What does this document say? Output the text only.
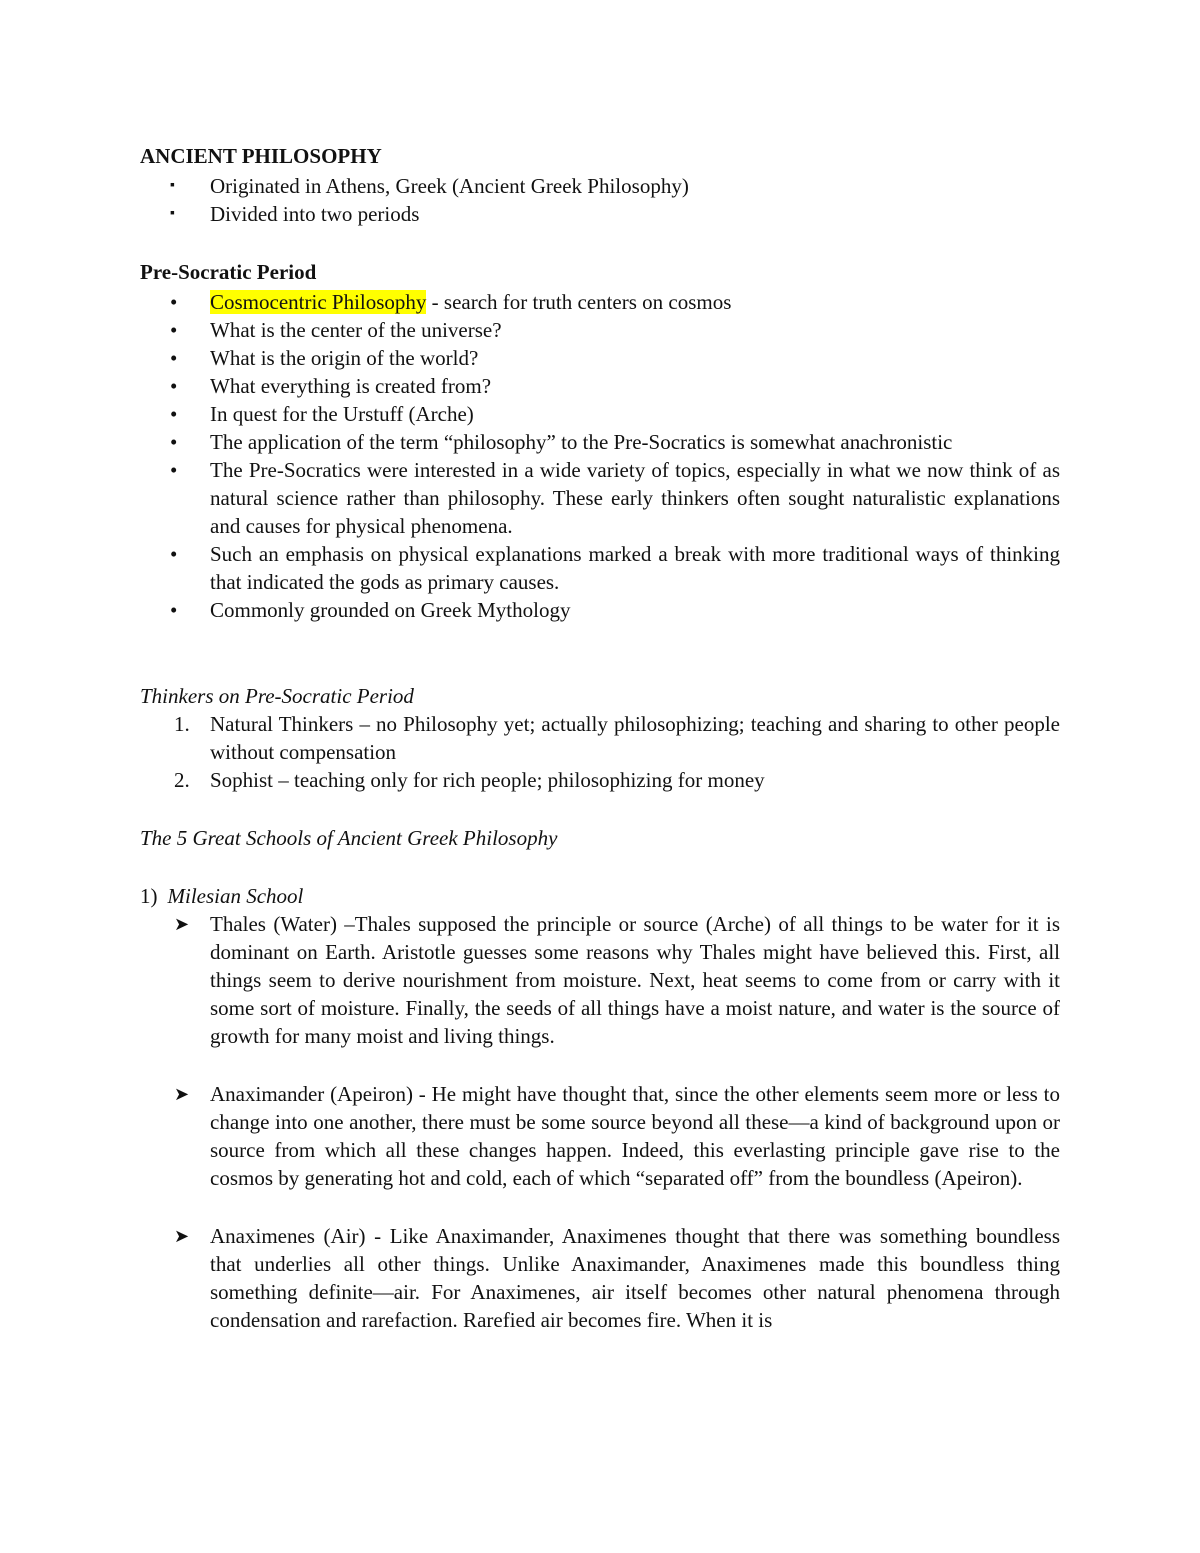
ANCIENT PHILOSOPHY

▪	Originated in Athens, Greek (Ancient Greek Philosophy)
▪	Divided into two periods

Pre-Socratic Period

•	Cosmocentric Philosophy - search for truth centers on cosmos
•	What is the center of the universe?
•	What is the origin of the world?
•	What everything is created from?
•	In quest for the Urstuff (Arche)
•	The application of the term “philosophy” to the Pre-Socratics is somewhat anachronistic
•	The Pre-Socratics were interested in a wide variety of topics, especially in what we now think of as natural science rather than philosophy. These early thinkers often sought naturalistic explanations and causes for physical phenomena.
•	Such an emphasis on physical explanations marked a break with more traditional ways of thinking that indicated the gods as primary causes.
•	Commonly grounded on Greek Mythology

Thinkers on Pre-Socratic Period

1. Natural Thinkers – no Philosophy yet; actually philosophizing; teaching and sharing to other people without compensation
2. Sophist – teaching only for rich people; philosophizing for money

The 5 Great Schools of Ancient Greek Philosophy

1) Milesian School

➤ Thales (Water) –Thales supposed the principle or source (Arche) of all things to be water for it is dominant on Earth. Aristotle guesses some reasons why Thales might have believed this. First, all things seem to derive nourishment from moisture. Next, heat seems to come from or carry with it some sort of moisture. Finally, the seeds of all things have a moist nature, and water is the source of growth for many moist and living things.
➤ Anaximander (Apeiron) - He might have thought that, since the other elements seem more or less to change into one another, there must be some source beyond all these—a kind of background upon or source from which all these changes happen. Indeed, this everlasting principle gave rise to the cosmos by generating hot and cold, each of which “separated off” from the boundless (Apeiron).
➤ Anaximenes (Air) - Like Anaximander, Anaximenes thought that there was something boundless that underlies all other things. Unlike Anaximander, Anaximenes made this boundless thing something definite—air. For Anaximenes, air itself becomes other natural phenomena through condensation and rarefaction. Rarefied air becomes fire. When it is
